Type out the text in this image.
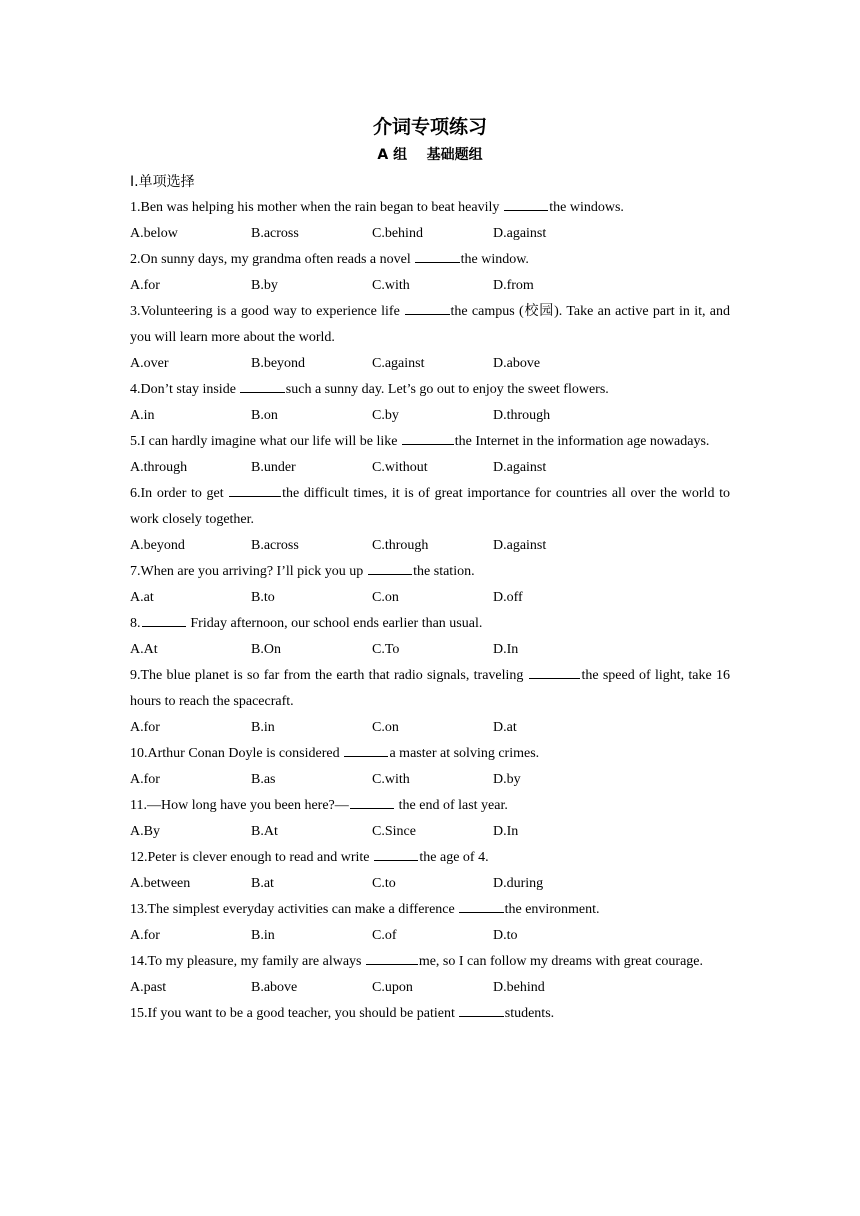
介词专项练习
A 组    基础题组
I.单项选择
1.Ben was helping his mother when the rain began to beat heavily	the windows.
A.below	B.across	C.behind	D.against
2.On sunny days, my grandma often reads a novel	the window.
A.for	B.by	C.with	D.from
3.Volunteering is a good way to experience life	the campus (校园). Take an active part in it, and you will learn more about the world.
A.over	B.beyond	C.against	D.above
4.Don’t stay inside	such a sunny day. Let’s go out to enjoy the sweet flowers.
A.in	B.on	C.by	D.through
5.I can hardly imagine what our life will be like	the Internet in the information age nowadays.
A.through	B.under	C.without	D.against
6.In order to get	the difficult times, it is of great importance for countries all over the world to work closely together.
A.beyond	B.across	C.through	D.against
7.When are you arriving? I’ll pick you up	the station.
A.at	B.to	C.on	D.off
8.	Friday afternoon, our school ends earlier than usual.
A.At	B.On	C.To	D.In
9.The blue planet is so far from the earth that radio signals, traveling	the speed of light, take 16 hours to reach the spacecraft.
A.for	B.in	C.on	D.at
10.Arthur Conan Doyle is considered	a master at solving crimes.
A.for	B.as	C.with	D.by
11.—How long have you been here?—	the end of last year.
A.By	B.At	C.Since	D.In
12.Peter is clever enough to read and write	the age of 4.
A.between	B.at	C.to	D.during
13.The simplest everyday activities can make a difference	the environment.
A.for	B.in	C.of	D.to
14.To my pleasure, my family are always	me, so I can follow my dreams with great courage.
A.past	B.above	C.upon	D.behind
15.If you want to be a good teacher, you should be patient	students.
